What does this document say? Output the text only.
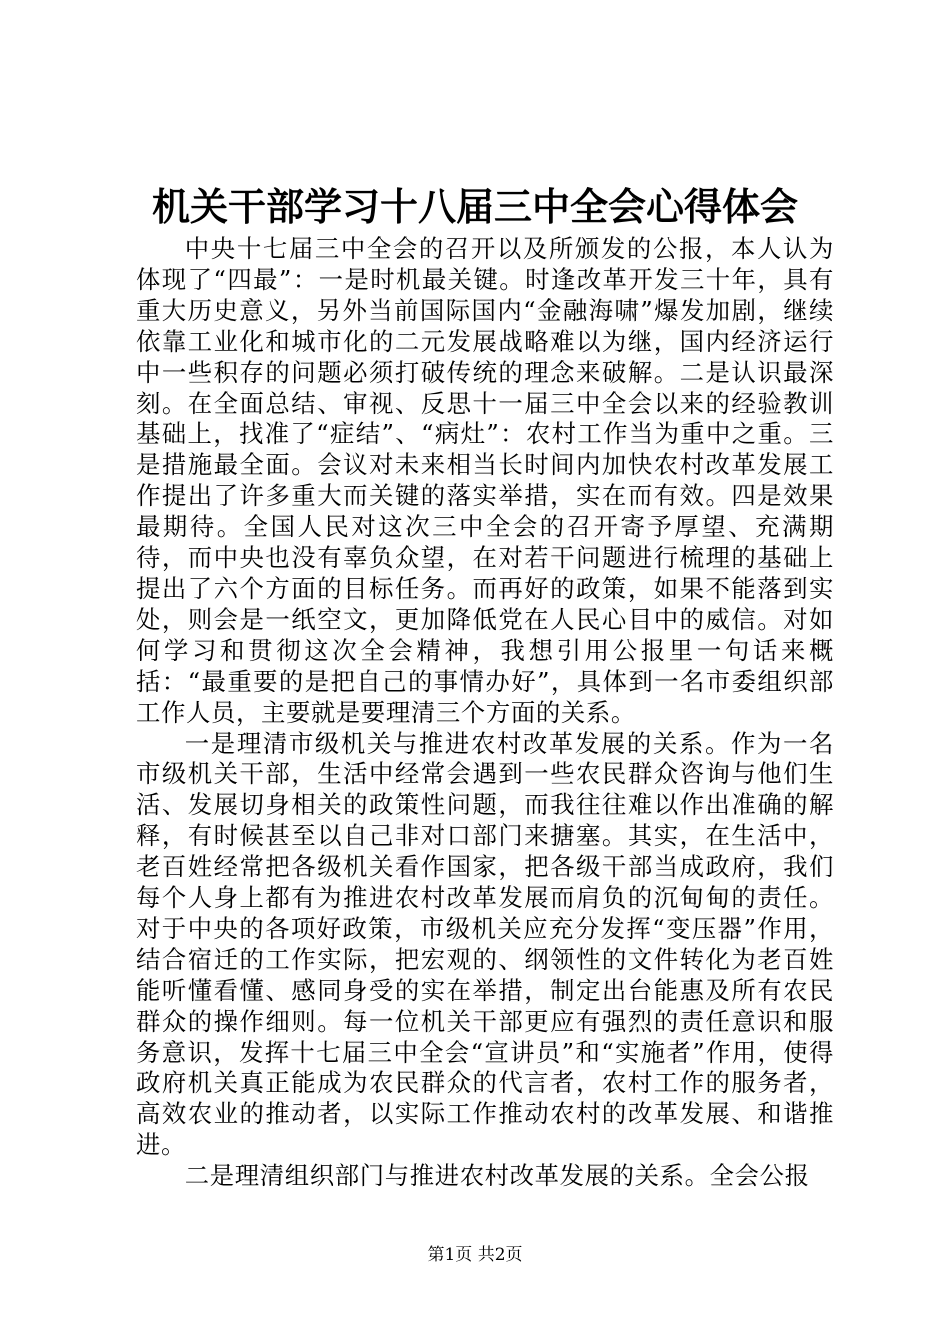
机关干部学习十八届三中全会心得体会

中央十七届三中全会的召开以及所颁发的公报，本人认为体现了“四最”：一是时机最关键。时逢改革开发三十年，具有重大历史意义，另外当前国际国内“金融海啸”爆发加剧，继续依靠工业化和城市化的二元发展战略难以为继，国内经济运行中一些积存的问题必须打破传统的理念来破解。二是认识最深刻。在全面总结、审视、反思十一届三中全会以来的经验教训基础上，找准了“症结”、“病灶”：农村工作当为重中之重。三是措施最全面。会议对未来相当长时间内加快农村改革发展工作提出了许多重大而关键的落实举措，实在而有效。四是效果最期待。全国人民对这次三中全会的召开寄予厚望、充满期待，而中央也没有辜负众望，在对若干问题进行梳理的基础上提出了六个方面的目标任务。而再好的政策，如果不能落到实处，则会是一纸空文，更加降低党在人民心目中的威信。对如何学习和贯彻这次全会精神，我想引用公报里一句话来概括：“最重要的是把自己的事情办好”，具体到一名市委组织部工作人员，主要就是要理清三个方面的关系。

一是理清市级机关与推进农村改革发展的关系。作为一名市级机关干部，生活中经常会遇到一些农民群众咨询与他们生活、发展切身相关的政策性问题，而我往往难以作出准确的解释，有时候甚至以自己非对口部门来搪塞。其实，在生活中，老百姓经常把各级机关看作国家，把各级干部当成政府，我们每个人身上都有为推进农村改革发展而肩负的沉甸甸的责任。对于中央的各项好政策，市级机关应充分发挥“变压器”作用，结合宿迁的工作实际，把宏观的、纲领性的文件转化为老百姓能听懂看懂、感同身受的实在举措，制定出台能惠及所有农民群众的操作细则。每一位机关干部更应有强烈的责任意识和服务意识，发挥十七届三中全会“宣讲员”和“实施者”作用，使得政府机关真正能成为农民群众的代言者，农村工作的服务者，高效农业的推动者，以实际工作推动农村的改革发展、和谐推进。

二是理清组织部门与推进农村改革发展的关系。全会公报

第1页 共2页
